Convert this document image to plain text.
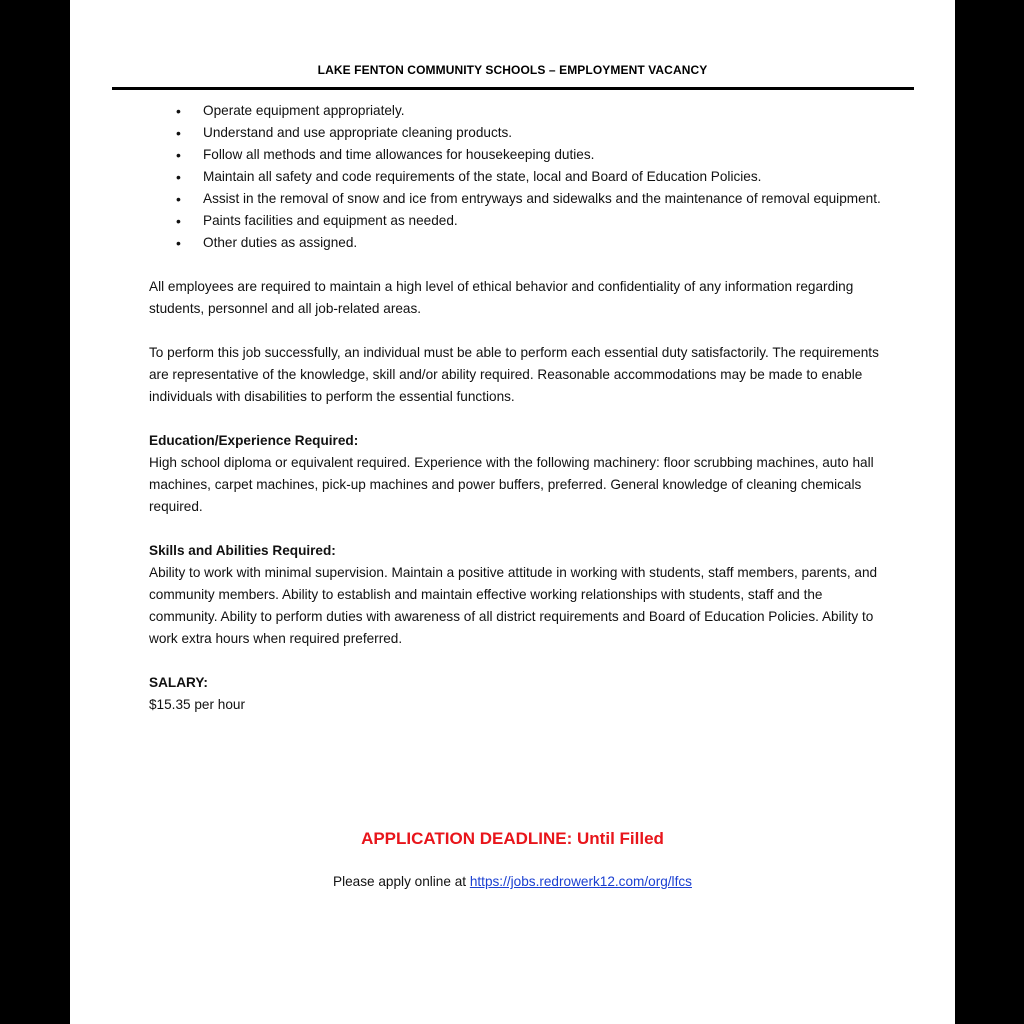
LAKE FENTON COMMUNITY SCHOOLS – EMPLOYMENT VACANCY
• Operate equipment appropriately.
• Understand and use appropriate cleaning products.
• Follow all methods and time allowances for housekeeping duties.
• Maintain all safety and code requirements of the state, local and Board of Education Policies.
• Assist in the removal of snow and ice from entryways and sidewalks and the maintenance of removal equipment.
• Paints facilities and equipment as needed.
• Other duties as assigned.

All employees are required to maintain a high level of ethical behavior and confidentiality of any information regarding students, personnel and all job-related areas.

To perform this job successfully, an individual must be able to perform each essential duty satisfactorily. The requirements are representative of the knowledge, skill and/or ability required. Reasonable accommodations may be made to enable individuals with disabilities to perform the essential functions.

Education/Experience Required:

High school diploma or equivalent required. Experience with the following machinery: floor scrubbing machines, auto hall machines, carpet machines, pick-up machines and power buffers, preferred. General knowledge of cleaning chemicals required.

Skills and Abilities Required:

Ability to work with minimal supervision. Maintain a positive attitude in working with students, staff members, parents, and community members. Ability to establish and maintain effective working relationships with students, staff and the community. Ability to perform duties with awareness of all district requirements and Board of Education Policies. Ability to work extra hours when required preferred.

SALARY:

$15.35 per hour

APPLICATION DEADLINE: Until Filled
Please apply online at https://jobs.redrowerk12.com/org/lfcs
